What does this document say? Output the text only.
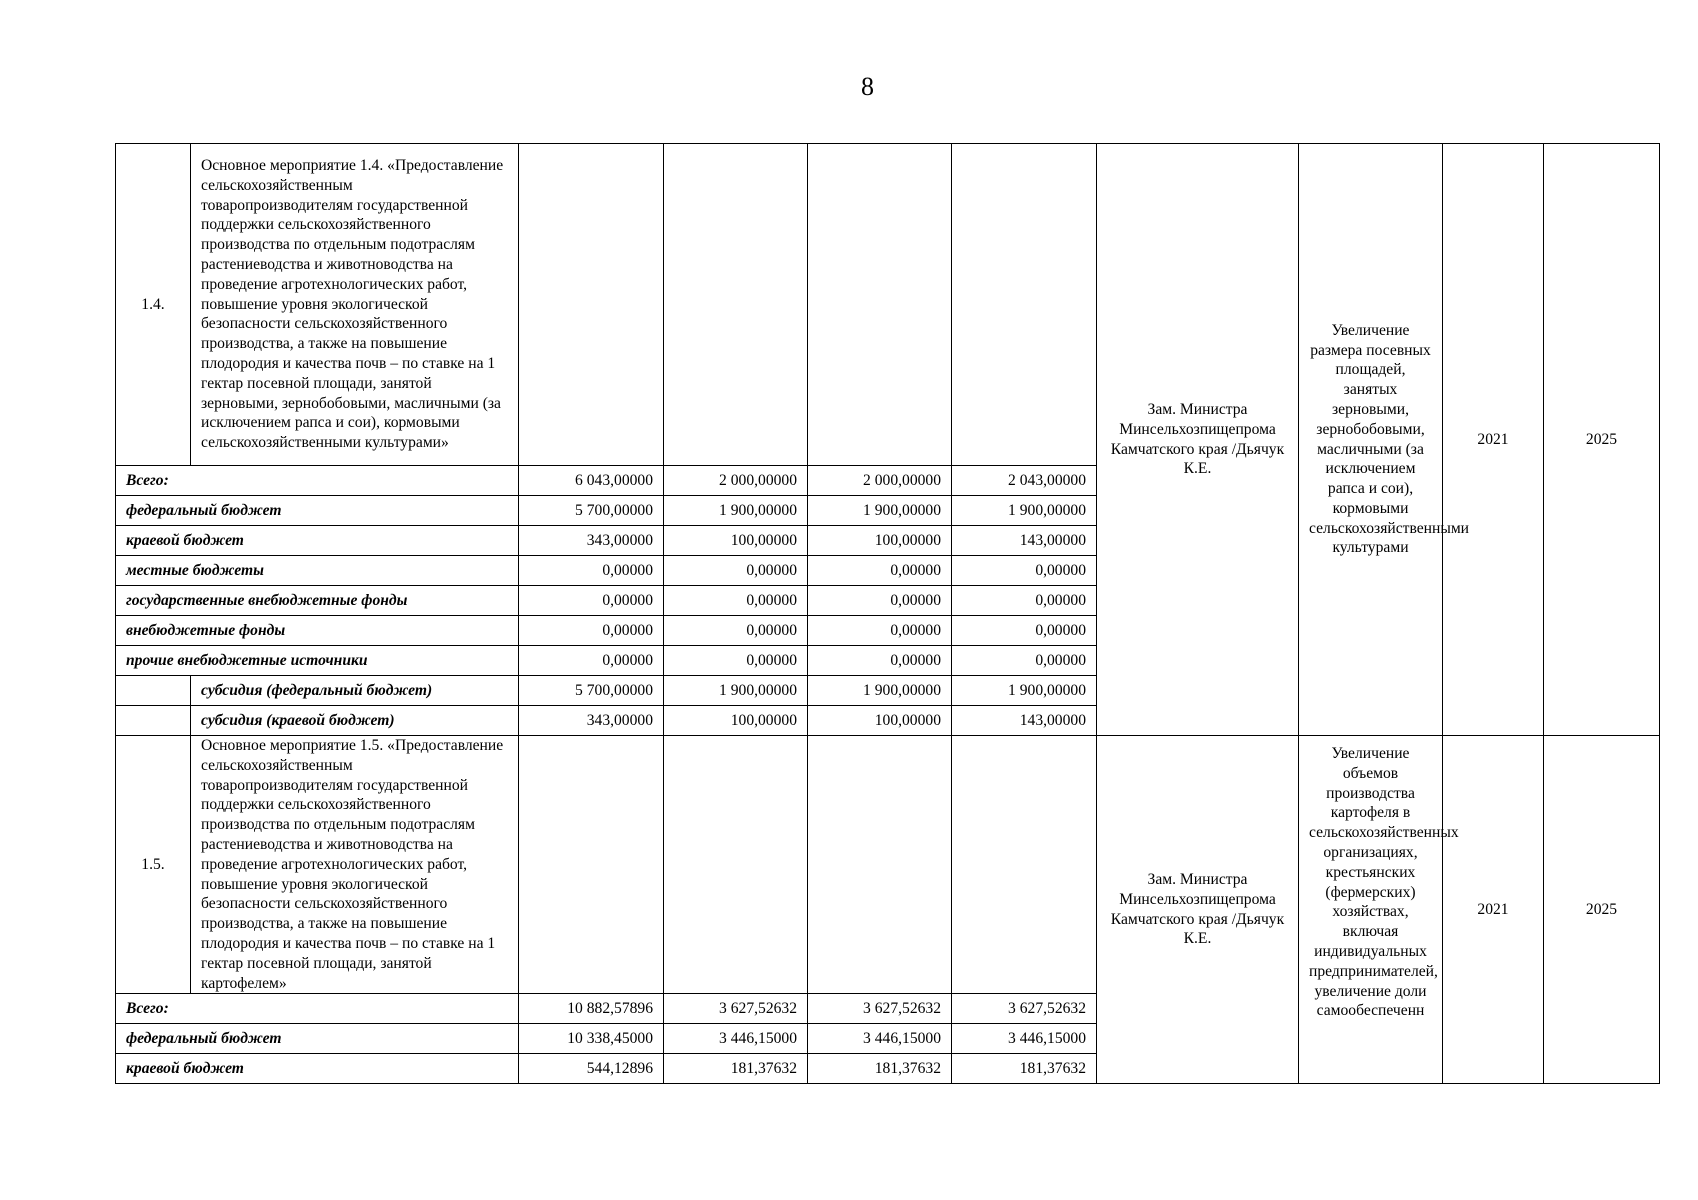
8
1.4.	Основное мероприятие 1.4. «Предоставление сельскохозяйственным товаропроизводителям государственной поддержки сельскохозяйственного производства по отдельным подотраслям растениеводства и животноводства на проведение агротехнологических работ, повышение уровня экологической безопасности сельскохозяйственного производства, а также на повышение плодородия и качества почв – по ставке на 1 гектар посевной площади, занятой зерновыми, зернобобовыми, масличными (за исключением рапса и сои), кормовыми сельскохозяйственными культурами»					Зам. Министра Минсельхозпищепрома Камчатского края /Дьячук К.Е.	Увеличение размера посевных площадей, занятых зерновыми, зернобобовыми, масличными (за исключением рапса и сои), кормовыми сельскохозяйственными культурами	2021	2025
Всего:		6 043,00000	2 000,00000	2 000,00000	2 043,00000				
федеральный бюджет		5 700,00000	1 900,00000	1 900,00000	1 900,00000				
краевой бюджет		343,00000	100,00000	100,00000	143,00000				
местные бюджеты		0,00000	0,00000	0,00000	0,00000				
государственные внебюджетные фонды		0,00000	0,00000	0,00000	0,00000				
внебюджетные фонды		0,00000	0,00000	0,00000	0,00000				
прочие внебюджетные источники		0,00000	0,00000	0,00000	0,00000				
	субсидия (федеральный бюджет)	5 700,00000	1 900,00000	1 900,00000	1 900,00000				
	субсидия (краевой бюджет)	343,00000	100,00000	100,00000	143,00000				
1.5.	Основное мероприятие 1.5. «Предоставление сельскохозяйственным товаропроизводителям государственной поддержки сельскохозяйственного производства по отдельным подотраслям растениеводства и животноводства на проведение агротехнологических работ, повышение уровня экологической безопасности сельскохозяйственного производства, а также на повышение плодородия и качества почв – по ставке на 1 гектар посевной площади, занятой картофелем»					Зам. Министра Минсельхозпищепрома Камчатского края /Дьячук К.Е.	Увеличение объемов производства картофеля в сельскохозяйственных организациях, крестьянских (фермерских) хозяйствах, включая индивидуальных предпринимателей, увеличение доли самообеспеченн	2021	2025
Всего:		10 882,57896	3 627,52632	3 627,52632	3 627,52632				
федеральный бюджет		10 338,45000	3 446,15000	3 446,15000	3 446,15000				
краевой бюджет		544,12896	181,37632	181,37632	181,37632				
